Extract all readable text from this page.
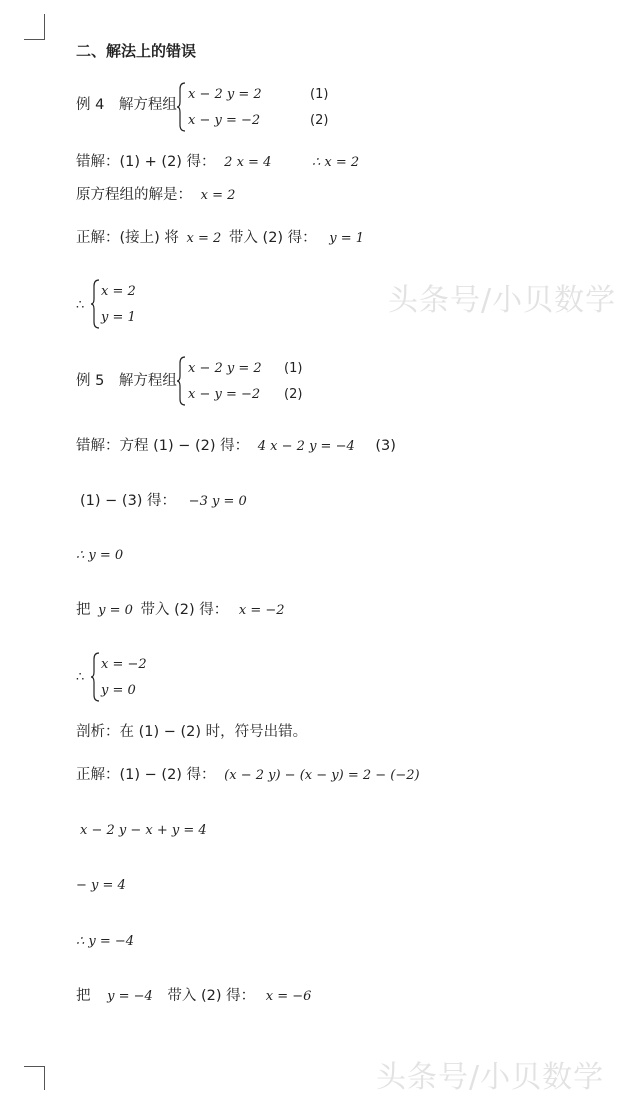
头条号/小贝数学
头条号/小贝数学
二、解法上的错误
例 4　解方程组
x − 2 y = 2	(1)
x − y = −2	(2)
错解：(1) + (2) 得： 2 x = 4	∴ x = 2
原方程组的解是： x = 2
正解：(接上) 将 x = 2 带入 (2) 得： y = 1
∴
x = 2
y = 1
例 5　解方程组
x − 2 y = 2 (1)
x − y = −2 (2)
错解：方程 (1) − (2) 得： 4 x − 2 y = −4 (3)
(1) − (3) 得： −3 y = 0
∴ y = 0
把 y = 0 带入 (2) 得： x = −2
∴
x = −2
y = 0
剖析：在 (1) − (2) 时，符号出错。
正解：(1) − (2) 得： (x − 2 y) − (x − y) = 2 − (−2)
x − 2 y − x + y = 4
− y = 4
∴ y = −4
把 y = −4 带入 (2) 得： x = −6
